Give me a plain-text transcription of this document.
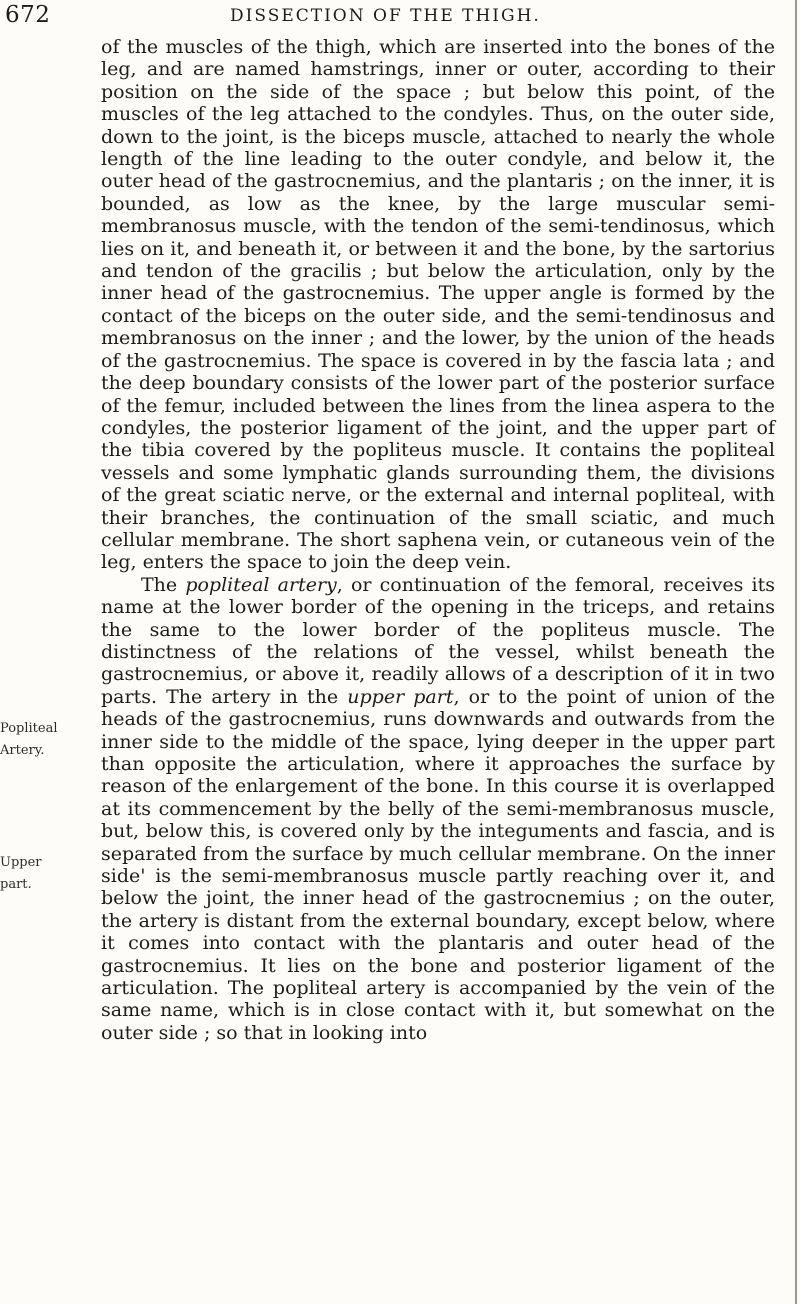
672	DISSECTION OF THE THIGH.
Popliteal
Artery.
Upper
part.

of the muscles of the thigh, which are inserted into the bones of the leg, and are named hamstrings, inner or outer, according to their position on the side of the space ; but below this point, of the muscles of the leg attached to the condyles. Thus, on the outer side, down to the joint, is the biceps muscle, attached to nearly the whole length of the line leading to the outer condyle, and below it, the outer head of the gastrocnemius, and the plantaris ; on the inner, it is bounded, as low as the knee, by the large muscular semi-membranosus muscle, with the tendon of the semi-tendinosus, which lies on it, and beneath it, or between it and the bone, by the sartorius and tendon of the gracilis ; but below the articulation, only by the inner head of the gastrocnemius. The upper angle is formed by the contact of the biceps on the outer side, and the semi-tendinosus and membranosus on the inner ; and the lower, by the union of the heads of the gastrocnemius. The space is covered in by the fascia lata ; and the deep boundary consists of the lower part of the posterior surface of the femur, included between the lines from the linea aspera to the condyles, the posterior ligament of the joint, and the upper part of the tibia covered by the popliteus muscle. It contains the popliteal vessels and some lymphatic glands surrounding them, the divisions of the great sciatic nerve, or the external and internal popliteal, with their branches, the continuation of the small sciatic, and much cellular membrane. The short saphena vein, or cutaneous vein of the leg, enters the space to join the deep vein.

The popliteal artery, or continuation of the femoral, receives its name at the lower border of the opening in the triceps, and retains the same to the lower border of the popliteus muscle. The distinctness of the relations of the vessel, whilst beneath the gastrocnemius, or above it, readily allows of a description of it in two parts. The artery in the upper part, or to the point of union of the heads of the gastrocnemius, runs downwards and outwards from the inner side to the middle of the space, lying deeper in the upper part than opposite the articulation, where it approaches the surface by reason of the enlargement of the bone. In this course it is overlapped at its commencement by the belly of the semi-membranosus muscle, but, below this, is covered only by the integuments and fascia, and is separated from the surface by much cellular membrane. On the inner side' is the semi-membranosus muscle partly reaching over it, and below the joint, the inner head of the gastrocnemius ; on the outer, the artery is distant from the external boundary, except below, where it comes into contact with the plantaris and outer head of the gastrocnemius. It lies on the bone and posterior ligament of the articulation. The popliteal artery is accompanied by the vein of the same name, which is in close contact with it, but somewhat on the outer side ; so that in looking into
